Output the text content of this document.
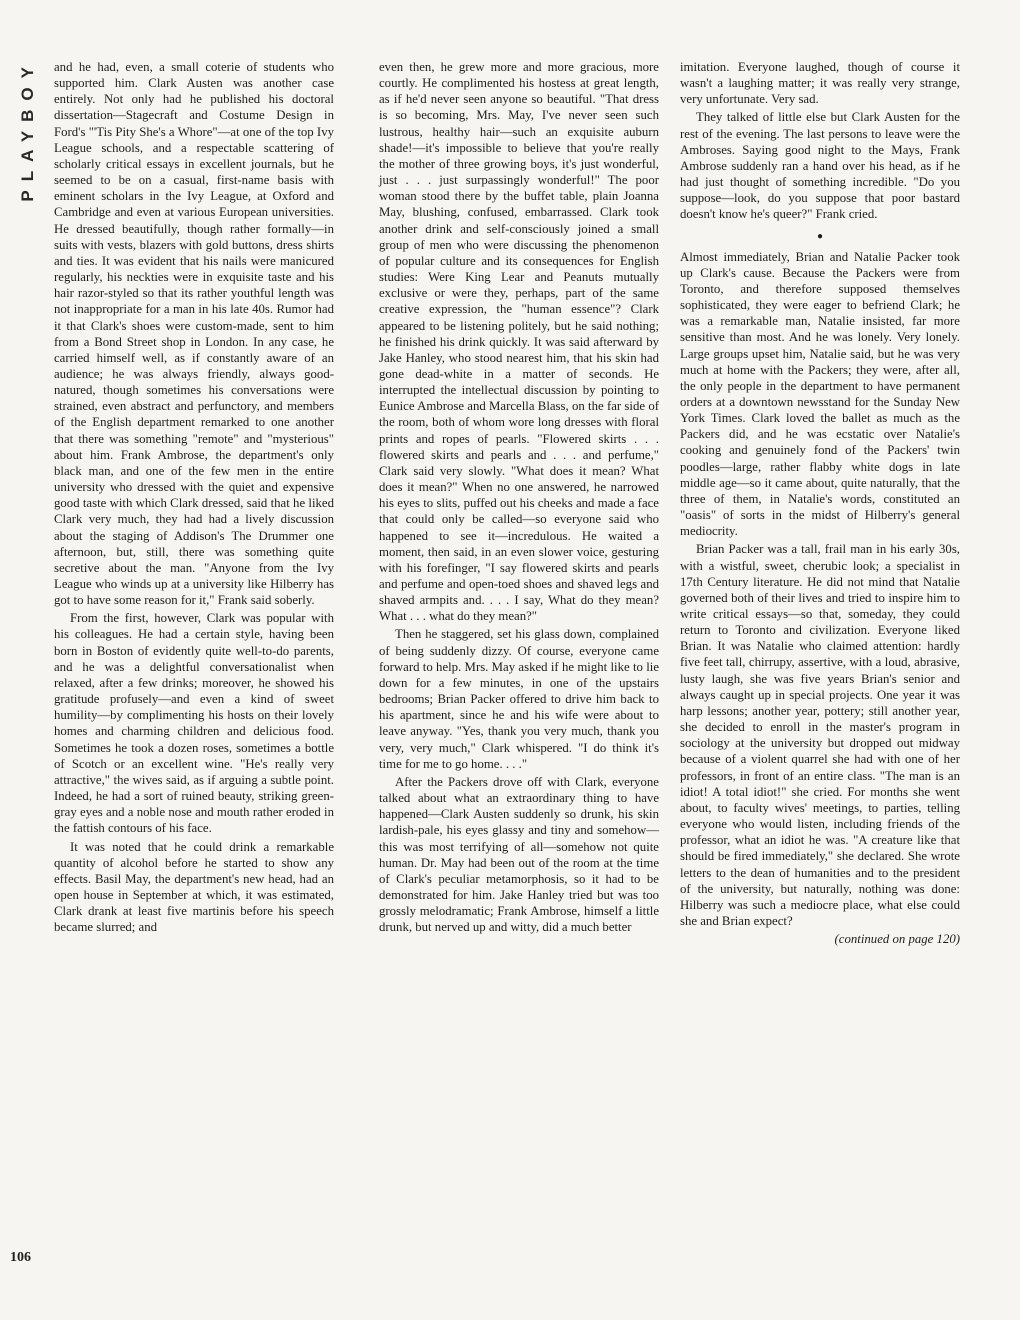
PLAYBOY
106

and he had, even, a small coterie of students who supported him. Clark Austen was another case entirely. Not only had he published his doctoral dissertation—Stagecraft and Costume Design in Ford's "'Tis Pity She's a Whore"—at one of the top Ivy League schools, and a respectable scattering of scholarly critical essays in excellent journals, but he seemed to be on a casual, first-name basis with eminent scholars in the Ivy League, at Oxford and Cambridge and even at various European universities. He dressed beautifully, though rather formally—in suits with vests, blazers with gold buttons, dress shirts and ties. It was evident that his nails were manicured regularly, his neckties were in exquisite taste and his hair razor-styled so that its rather youthful length was not inappropriate for a man in his late 40s. Rumor had it that Clark's shoes were custom-made, sent to him from a Bond Street shop in London. In any case, he carried himself well, as if constantly aware of an audience; he was always friendly, always good-natured, though sometimes his conversations were strained, even abstract and perfunctory, and members of the English department remarked to one another that there was something "remote" and "mysterious" about him. Frank Ambrose, the department's only black man, and one of the few men in the entire university who dressed with the quiet and expensive good taste with which Clark dressed, said that he liked Clark very much, they had had a lively discussion about the staging of Addison's The Drummer one afternoon, but, still, there was something quite secretive about the man. "Anyone from the Ivy League who winds up at a university like Hilberry has got to have some reason for it," Frank said soberly.

From the first, however, Clark was popular with his colleagues. He had a certain style, having been born in Boston of evidently quite well-to-do parents, and he was a delightful conversationalist when relaxed, after a few drinks; moreover, he showed his gratitude profusely—and even a kind of sweet humility—by complimenting his hosts on their lovely homes and charming children and delicious food. Sometimes he took a dozen roses, sometimes a bottle of Scotch or an excellent wine. "He's really very attractive," the wives said, as if arguing a subtle point. Indeed, he had a sort of ruined beauty, striking green-gray eyes and a noble nose and mouth rather eroded in the fattish contours of his face.

It was noted that he could drink a remarkable quantity of alcohol before he started to show any effects. Basil May, the department's new head, had an open house in September at which, it was estimated, Clark drank at least five martinis before his speech became slurred; and

even then, he grew more and more gracious, more courtly. He complimented his hostess at great length, as if he'd never seen anyone so beautiful. "That dress is so becoming, Mrs. May, I've never seen such lustrous, healthy hair—such an exquisite auburn shade!—it's impossible to believe that you're really the mother of three growing boys, it's just wonderful, just . . . just surpassingly wonderful!" The poor woman stood there by the buffet table, plain Joanna May, blushing, confused, embarrassed. Clark took another drink and self-consciously joined a small group of men who were discussing the phenomenon of popular culture and its consequences for English studies: Were King Lear and Peanuts mutually exclusive or were they, perhaps, part of the same creative expression, the "human essence"? Clark appeared to be listening politely, but he said nothing; he finished his drink quickly. It was said afterward by Jake Hanley, who stood nearest him, that his skin had gone dead-white in a matter of seconds. He interrupted the intellectual discussion by pointing to Eunice Ambrose and Marcella Blass, on the far side of the room, both of whom wore long dresses with floral prints and ropes of pearls. "Flowered skirts . . . flowered skirts and pearls and . . . and perfume," Clark said very slowly. "What does it mean? What does it mean?" When no one answered, he narrowed his eyes to slits, puffed out his cheeks and made a face that could only be called—so everyone said who happened to see it—incredulous. He waited a moment, then said, in an even slower voice, gesturing with his forefinger, "I say flowered skirts and pearls and perfume and open-toed shoes and shaved legs and shaved armpits and. . . . I say, What do they mean? What . . . what do they mean?"

Then he staggered, set his glass down, complained of being suddenly dizzy. Of course, everyone came forward to help. Mrs. May asked if he might like to lie down for a few minutes, in one of the upstairs bedrooms; Brian Packer offered to drive him back to his apartment, since he and his wife were about to leave anyway. "Yes, thank you very much, thank you very, very much," Clark whispered. "I do think it's time for me to go home. . . ."

After the Packers drove off with Clark, everyone talked about what an extraordinary thing to have happened—Clark Austen suddenly so drunk, his skin lardish-pale, his eyes glassy and tiny and somehow—this was most terrifying of all—somehow not quite human. Dr. May had been out of the room at the time of Clark's peculiar metamorphosis, so it had to be demonstrated for him. Jake Hanley tried but was too grossly melodramatic; Frank Ambrose, himself a little drunk, but nerved up and witty, did a much better

imitation. Everyone laughed, though of course it wasn't a laughing matter; it was really very strange, very unfortunate. Very sad.

They talked of little else but Clark Austen for the rest of the evening. The last persons to leave were the Ambroses. Saying good night to the Mays, Frank Ambrose suddenly ran a hand over his head, as if he had just thought of something incredible. "Do you suppose—look, do you suppose that poor bastard doesn't know he's queer?" Frank cried.

●

Almost immediately, Brian and Natalie Packer took up Clark's cause. Because the Packers were from Toronto, and therefore supposed themselves sophisticated, they were eager to befriend Clark; he was a remarkable man, Natalie insisted, far more sensitive than most. And he was lonely. Very lonely. Large groups upset him, Natalie said, but he was very much at home with the Packers; they were, after all, the only people in the department to have permanent orders at a downtown newsstand for the Sunday New York Times. Clark loved the ballet as much as the Packers did, and he was ecstatic over Natalie's cooking and genuinely fond of the Packers' twin poodles—large, rather flabby white dogs in late middle age—so it came about, quite naturally, that the three of them, in Natalie's words, constituted an "oasis" of sorts in the midst of Hilberry's general mediocrity.

Brian Packer was a tall, frail man in his early 30s, with a wistful, sweet, cherubic look; a specialist in 17th Century literature. He did not mind that Natalie governed both of their lives and tried to inspire him to write critical essays—so that, someday, they could return to Toronto and civilization. Everyone liked Brian. It was Natalie who claimed attention: hardly five feet tall, chirrupy, assertive, with a loud, abrasive, lusty laugh, she was five years Brian's senior and always caught up in special projects. One year it was harp lessons; another year, pottery; still another year, she decided to enroll in the master's program in sociology at the university but dropped out midway because of a violent quarrel she had with one of her professors, in front of an entire class. "The man is an idiot! A total idiot!" she cried. For months she went about, to faculty wives' meetings, to parties, telling everyone who would listen, including friends of the professor, what an idiot he was. "A creature like that should be fired immediately," she declared. She wrote letters to the dean of humanities and to the president of the university, but naturally, nothing was done: Hilberry was such a mediocre place, what else could she and Brian expect?

(continued on page 120)
